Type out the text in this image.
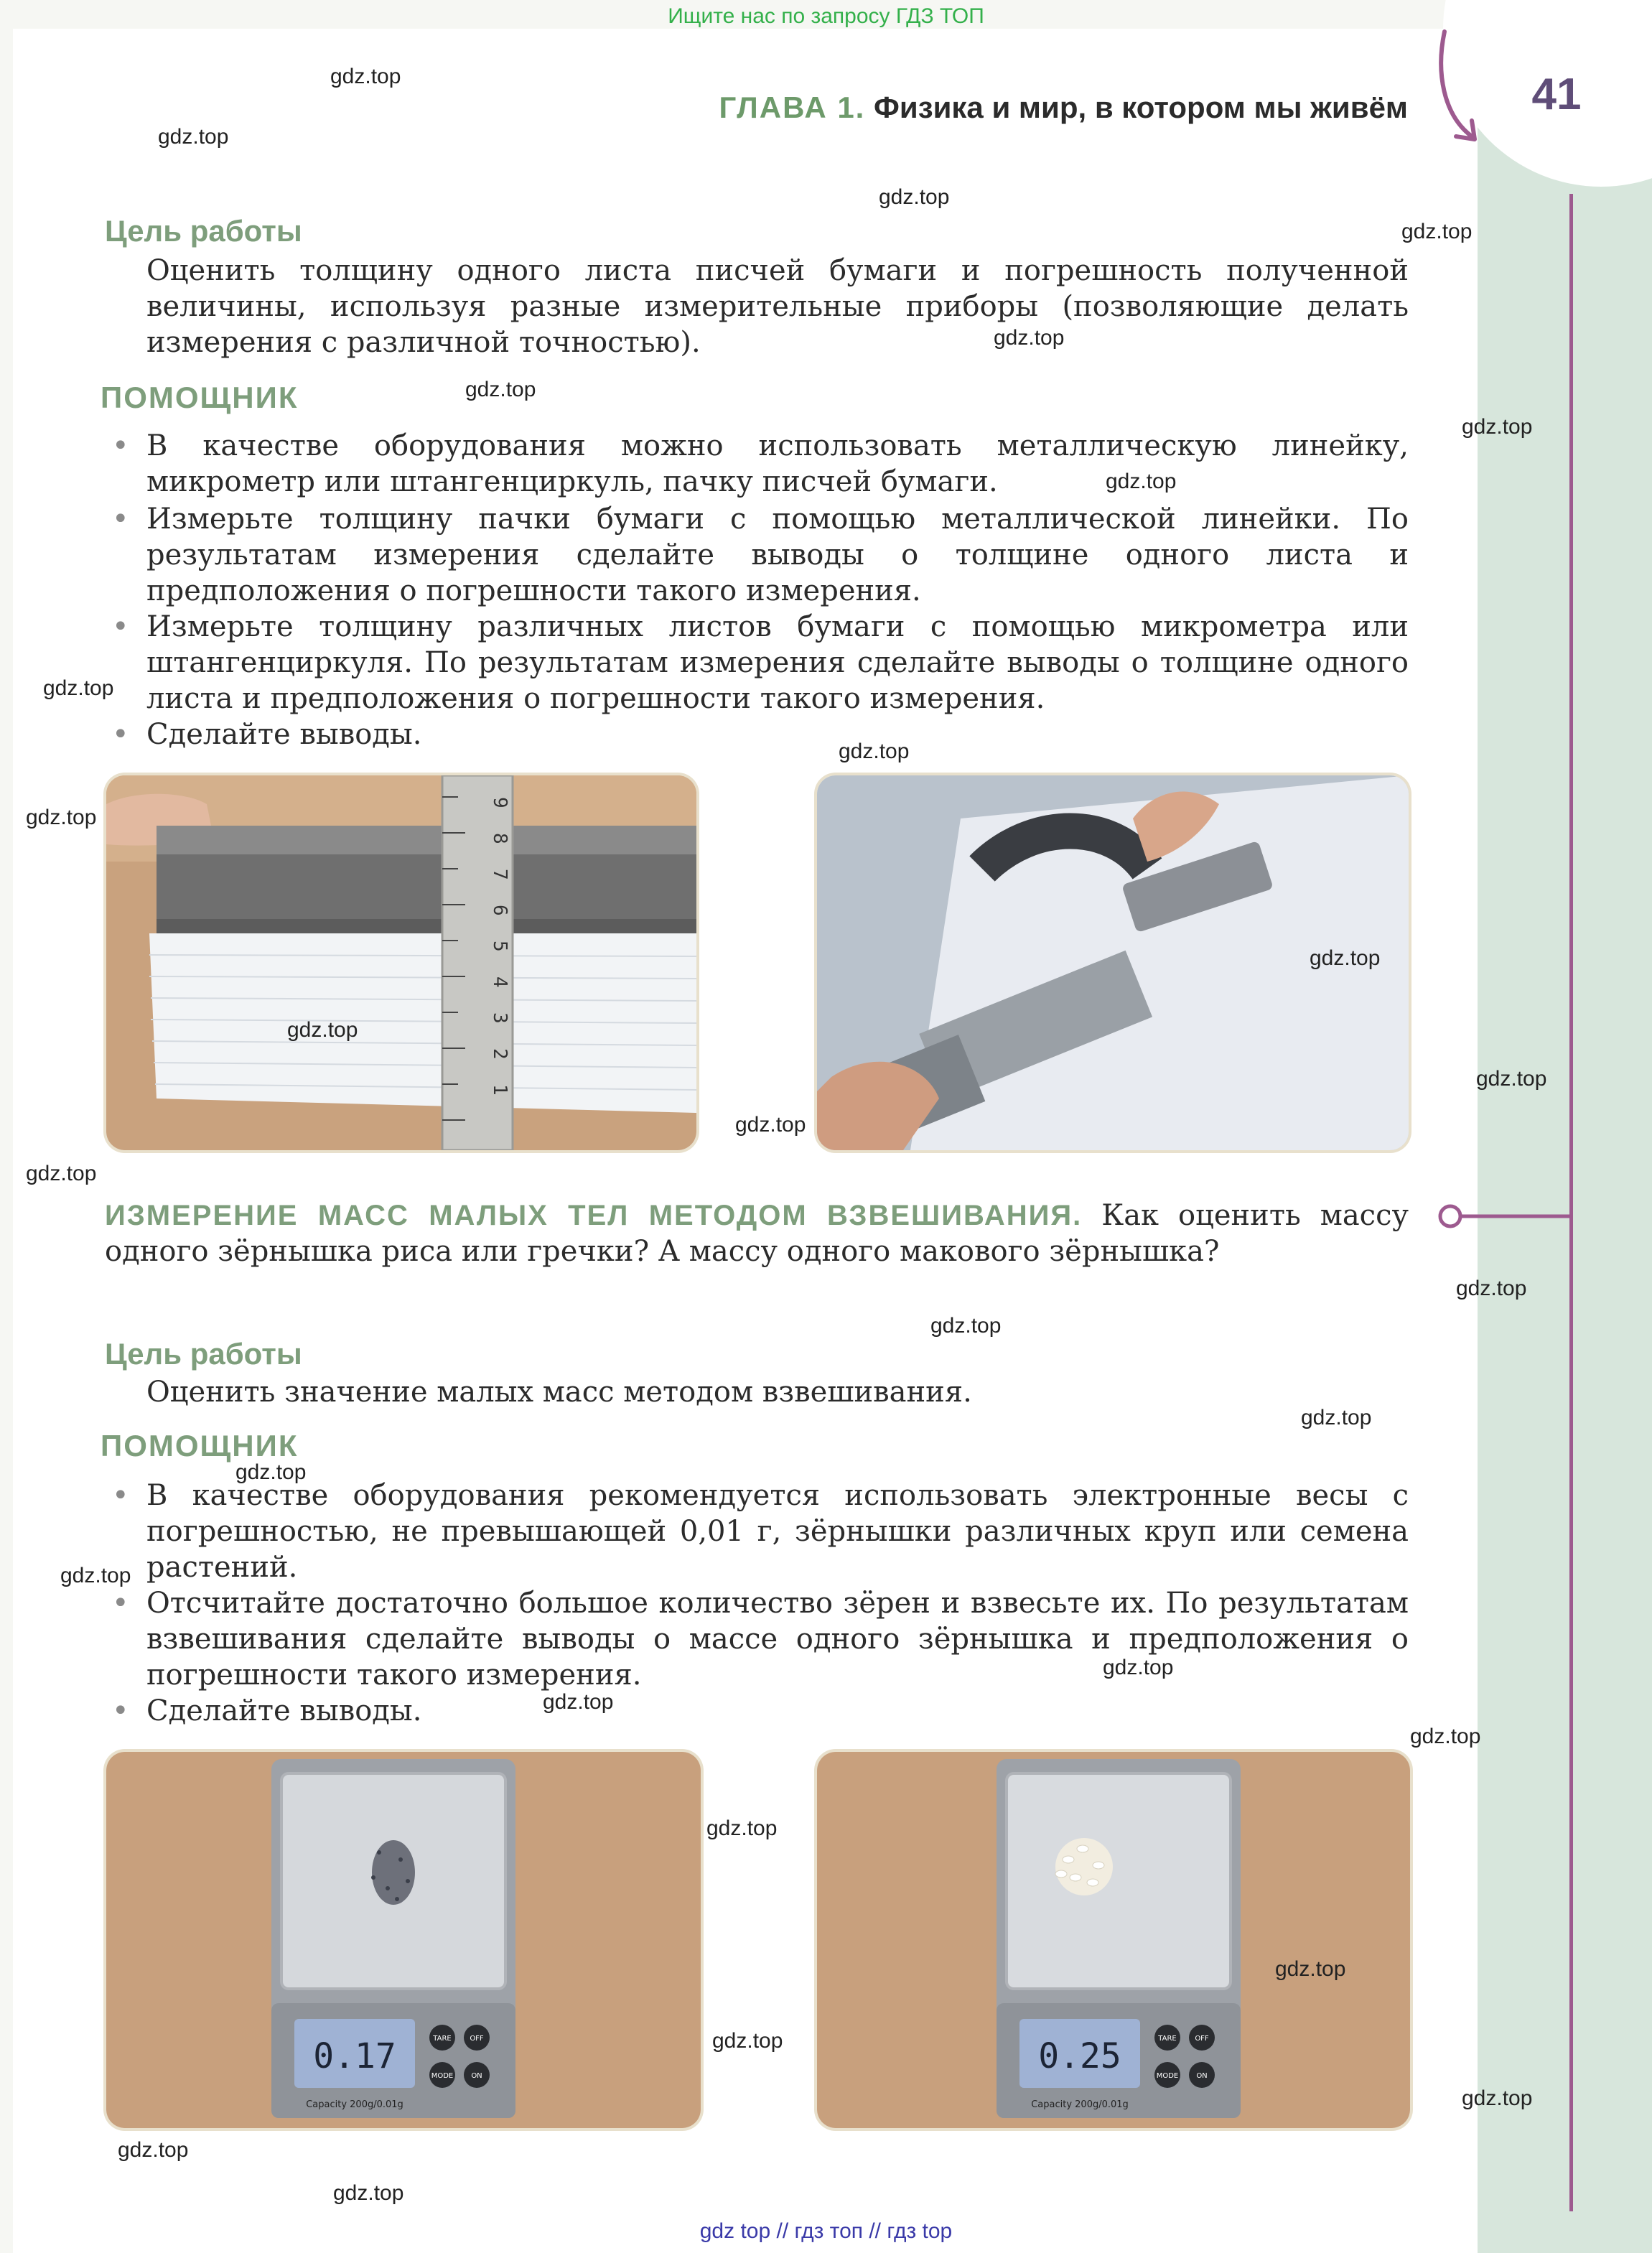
Ищите нас по запросу ГДЗ ТОП
41
ГЛАВА 1. Физика и мир, в котором мы живём
Цель работы
Оценить толщину одного листа писчей бумаги и погрешность полученной величины, используя разные измерительные приборы (позволяющие делать измерения с различной точностью).
ПОМОЩНИК
• В качестве оборудования можно использовать металлическую линейку, микрометр или штангенциркуль, пачку писчей бумаги.
• Измерьте толщину пачки бумаги с помощью металлической линейки. По результатам измерения сделайте выводы о толщине одного листа и предположения о погрешности такого измерения.
• Измерьте толщину различных листов бумаги с помощью микрометра или штангенциркуля. По результатам измерения сделайте выводы о толщине одного листа и предположения о погрешности такого измерения.
• Сделайте выводы.
9
8
7
6
5
4
3
2
1
ИЗМЕРЕНИЕ МАСС МАЛЫХ ТЕЛ МЕТОДОМ ВЗВЕШИВАНИЯ. Как оценить массу одного зёрнышка риса или гречки? А массу одного макового зёрнышка?
Цель работы
Оценить значение малых масс методом взвешивания.
ПОМОЩНИК
• В качестве оборудования рекомендуется использовать электронные весы с погрешностью, не превышающей 0,01 г, зёрнышки различных круп или семена растений.
• Отсчитайте достаточно большое количество зёрен и взвесьте их. По результатам взвешивания сделайте выводы о массе одного зёрнышка и предположения о погрешности такого измерения.
• Сделайте выводы.
0.17
Capacity 200g/0.01g
TARE	OFF
MODE	ON	0.25
Capacity 200g/0.01g
TARE	OFF
MODE	ON
gdz.top
gdz.top
gdz.top
gdz.top
gdz.top
gdz.top
gdz.top
gdz.top
gdz.top
gdz.top
gdz.top
gdz.top
gdz.top
gdz.top
gdz.top
gdz.top
gdz.top
gdz.top
gdz.top
gdz.top
gdz.top
gdz.top
gdz.top
gdz.top
gdz.top
gdz.top
gdz.top
gdz.top
gdz.top
gdz.top
gdz top // гдз топ // гдз top
